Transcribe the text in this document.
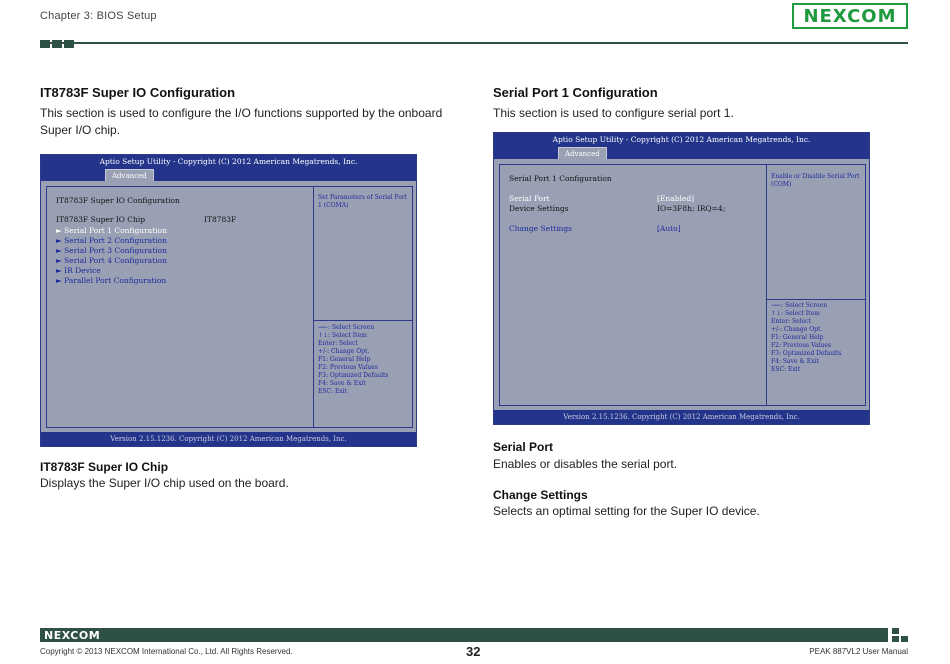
Chapter 3: BIOS Setup	NEXCOM
IT8783F Super IO Configuration
This section is used to configure the I/O functions supported by the onboard Super I/O chip.
Aptio Setup Utility - Copyright (C) 2012 American Megatrends, Inc.
Advanced
IT8783F Super IO Configuration
IT8783F Super IO Chip	IT8783F
► Serial Port 1 Configuration
► Serial Port 2 Configuration
► Serial Port 3 Configuration
► Serial Port 4 Configuration
► IR Device
► Parallel Port Configuration
Set Parameters of Serial Port 1 (COMA)
→←: Select Screen
↑↓: Select Item
Enter: Select
+/-: Change Opt.
F1: General Help
F2: Previous Values
F3: Optimized Defaults
F4: Save & Exit
ESC: Exit
Version 2.15.1236. Copyright (C) 2012 American Megatrends, Inc.
IT8783F Super IO Chip
Displays the Super I/O chip used on the board.
Serial Port 1 Configuration
This section is used to configure serial port 1.
Aptio Setup Utility - Copyright (C) 2012 American Megatrends, Inc.
Advanced
Serial Port 1 Configuration
Serial Port	[Enabled]
Device Settings	IO=3F8h; IRQ=4;
Change Settings	[Auto]
Enable or Disable Serial Port (COM)
→←: Select Screen
↑↓: Select Item
Enter: Select
+/-: Change Opt.
F1: General Help
F2: Previous Values
F3: Optimized Defaults
F4: Save & Exit
ESC: Exit
Version 2.15.1236. Copyright (C) 2012 American Megatrends, Inc.
Serial Port
Enables or disables the serial port.
Change Settings
Selects an optimal setting for the Super IO device.
NEXCOM
Copyright © 2013 NEXCOM International Co., Ltd. All Rights Reserved.	32	PEAK 887VL2 User Manual
